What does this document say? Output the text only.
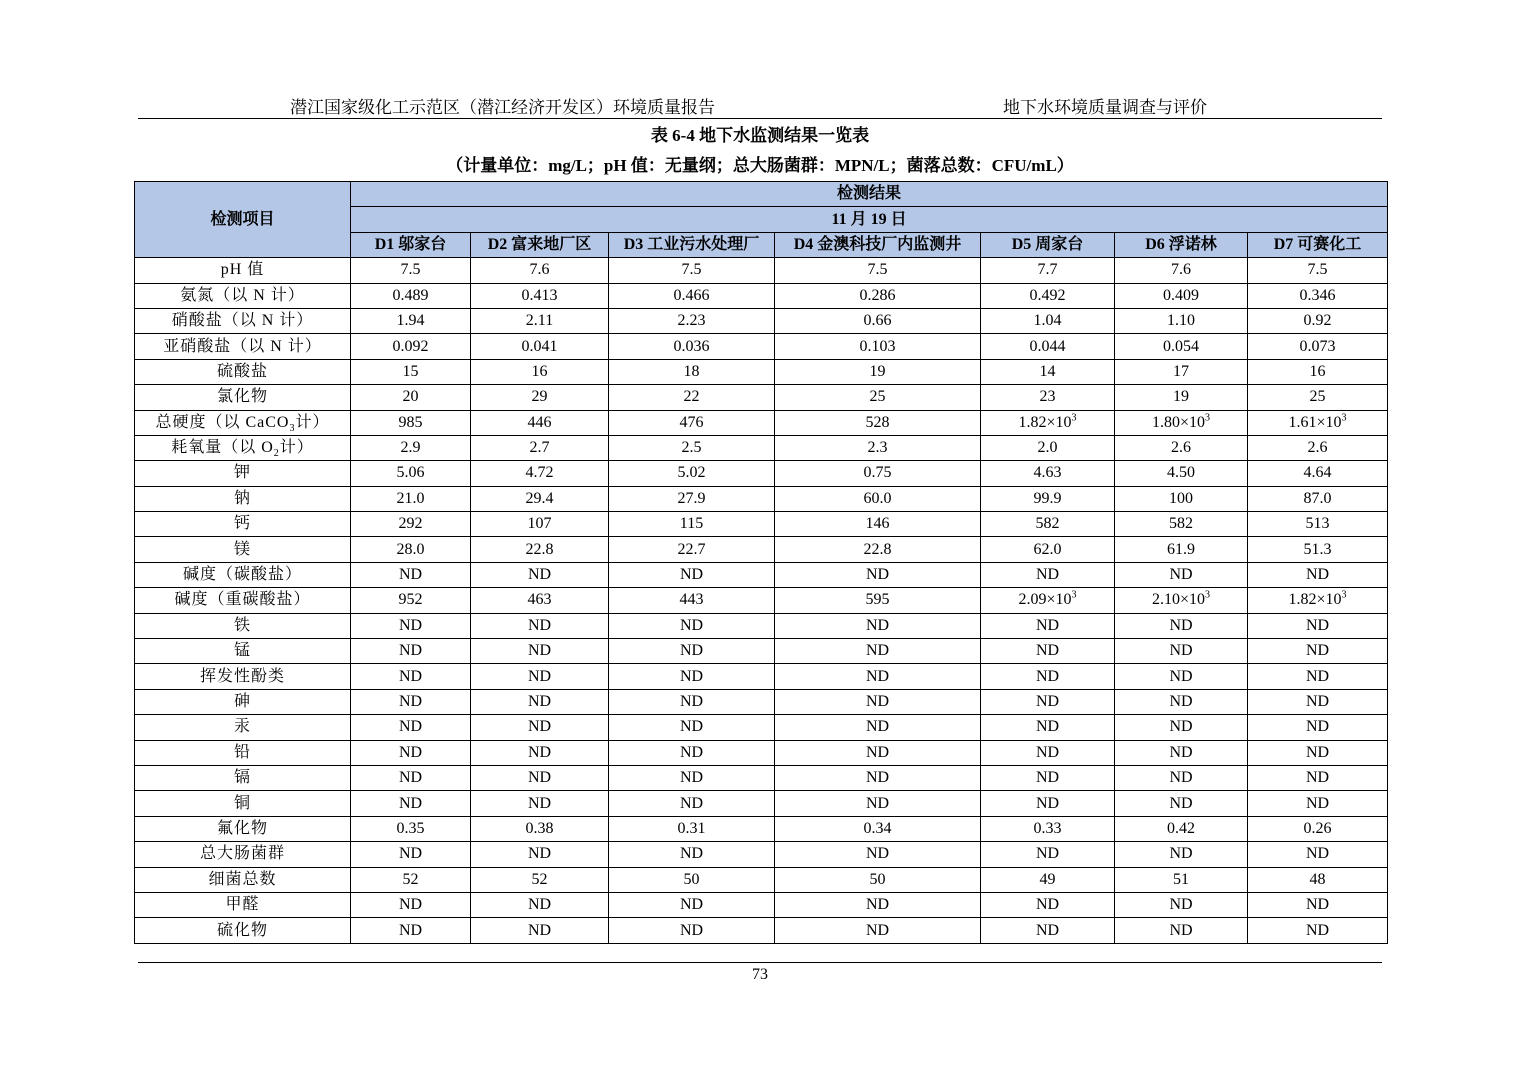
潜江国家级化工示范区（潜江经济开发区）环境质量报告	地下水环境质量调查与评价
表 6-4 地下水监测结果一览表
（计量单位：mg/L；pH 值：无量纲；总大肠菌群：MPN/L；菌落总数：CFU/mL）
检测项目	检测结果						
	11 月 19 日						
	D1 邬家台	D2 富来地厂区	D3 工业污水处理厂	D4 金澳科技厂内监测井	D5 周家台	D6 浮诺林	D7 可赛化工
pH 值	7.5	7.6	7.5	7.5	7.7	7.6	7.5
氨氮（以 N 计）	0.489	0.413	0.466	0.286	0.492	0.409	0.346
硝酸盐（以 N 计）	1.94	2.11	2.23	0.66	1.04	1.10	0.92
亚硝酸盐（以 N 计）	0.092	0.041	0.036	0.103	0.044	0.054	0.073
硫酸盐	15	16	18	19	14	17	16
氯化物	20	29	22	25	23	19	25
总硬度（以 CaCO$_3$计）	985	446	476	528	$1.82\times 10^3$	$1.80\times 10^3$	$1.61\times 10^3$
耗氧量（以 $O_2$计）	2.9	2.7	2.5	2.3	2.0	2.6	2.6
钾	5.06	4.72	5.02	0.75	4.63	4.50	4.64
钠	21.0	29.4	27.9	60.0	99.9	100	87.0
钙	292	107	115	146	582	582	513
镁	28.0	22.8	22.7	22.8	62.0	61.9	51.3
碱度（碳酸盐）	ND	ND	ND	ND	ND	ND	ND
碱度（重碳酸盐）	952	463	443	595	$2.09\times 10^3$	$2.10\times 10^3$	$1.82\times 10^3$
铁	ND	ND	ND	ND	ND	ND	ND
锰	ND	ND	ND	ND	ND	ND	ND
挥发性酚类	ND	ND	ND	ND	ND	ND	ND
砷	ND	ND	ND	ND	ND	ND	ND
汞	ND	ND	ND	ND	ND	ND	ND
铅	ND	ND	ND	ND	ND	ND	ND
镉	ND	ND	ND	ND	ND	ND	ND
铜	ND	ND	ND	ND	ND	ND	ND
氟化物	0.35	0.38	0.31	0.34	0.33	0.42	0.26
总大肠菌群	ND	ND	ND	ND	ND	ND	ND
细菌总数	52	52	50	50	49	51	48
甲醛	ND	ND	ND	ND	ND	ND	ND
硫化物	ND	ND	ND	ND	ND	ND	ND
73
